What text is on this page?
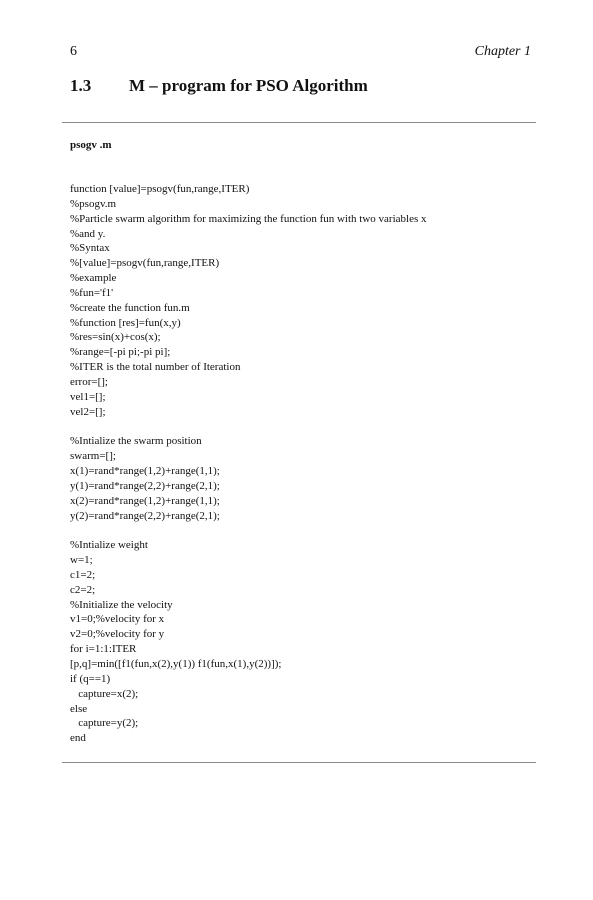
6	Chapter 1
1.3 M – program for PSO Algorithm
psogv .m
function [value]=psogv(fun,range,ITER)
%psogv.m
%Particle swarm algorithm for maximizing the function fun with two variables x
%and y.
%Syntax
%[value]=psogv(fun,range,ITER)
%example
%fun='f1'
%create the function fun.m
%function [res]=fun(x,y)
%res=sin(x)+cos(x);
%range=[-pi pi;-pi pi];
%ITER is the total number of Iteration
error=[];
vel1=[];
vel2=[];
%Intialize the swarm position
swarm=[];
x(1)=rand*range(1,2)+range(1,1);
y(1)=rand*range(2,2)+range(2,1);
x(2)=rand*range(1,2)+range(1,1);
y(2)=rand*range(2,2)+range(2,1);
%Intialize weight
w=1;
c1=2;
c2=2;
%Initialize the velocity
v1=0;%velocity for x
v2=0;%velocity for y
for i=1:1:ITER
[p,q]=min([f1(fun,x(2),y(1)) f1(fun,x(1),y(2))]);
if (q==1)
capture=x(2);
else
capture=y(2);
end
